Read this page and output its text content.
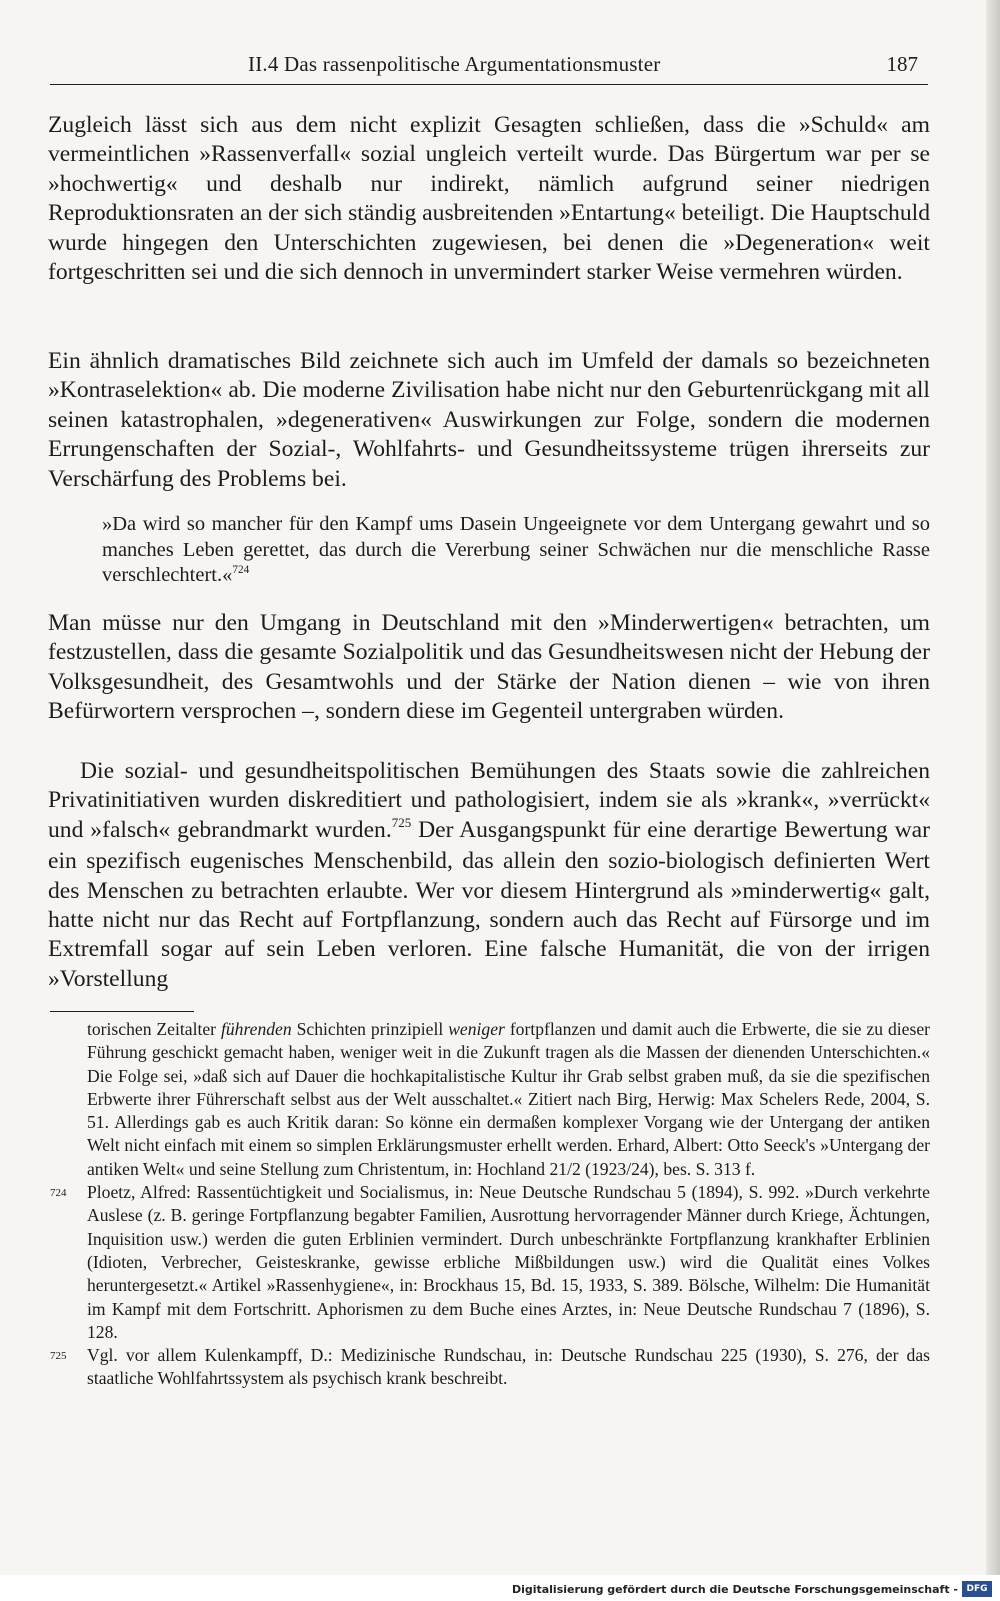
II.4 Das rassenpolitische Argumentationsmuster	187

Zugleich lässt sich aus dem nicht explizit Gesagten schließen, dass die »Schuld« am vermeintlichen »Rassenverfall« sozial ungleich verteilt wurde. Das Bürgertum war per se »hochwertig« und deshalb nur indirekt, nämlich aufgrund seiner niedrigen Reproduktionsraten an der sich ständig ausbreitenden »Entartung« beteiligt. Die Hauptschuld wurde hingegen den Unterschichten zugewiesen, bei denen die »Degeneration« weit fortgeschritten sei und die sich dennoch in unvermindert starker Weise vermehren würden.

Ein ähnlich dramatisches Bild zeichnete sich auch im Umfeld der damals so bezeichneten »Kontraselektion« ab. Die moderne Zivilisation habe nicht nur den Geburtenrückgang mit all seinen katastrophalen, »degenerativen« Auswirkungen zur Folge, sondern die modernen Errungenschaften der Sozial-, Wohlfahrts- und Gesundheitssysteme trügen ihrerseits zur Verschärfung des Problems bei.

»Da wird so mancher für den Kampf ums Dasein Ungeeignete vor dem Untergang gewahrt und so manches Leben gerettet, das durch die Vererbung seiner Schwächen nur die menschliche Rasse verschlechtert.«$^{724}$

Man müsse nur den Umgang in Deutschland mit den »Minderwertigen« betrachten, um festzustellen, dass die gesamte Sozialpolitik und das Gesundheitswesen nicht der Hebung der Volksgesundheit, des Gesamtwohls und der Stärke der Nation dienen – wie von ihren Befürwortern versprochen –, sondern diese im Gegenteil untergraben würden.

Die sozial- und gesundheitspolitischen Bemühungen des Staats sowie die zahlreichen Privatinitiativen wurden diskreditiert und pathologisiert, indem sie als »krank«, »verrückt« und »falsch« gebrandmarkt wurden.$^{725}$ Der Ausgangspunkt für eine derartige Bewertung war ein spezifisch eugenisches Menschenbild, das allein den sozio-biologisch definierten Wert des Menschen zu betrachten erlaubte. Wer vor diesem Hintergrund als »minderwertig« galt, hatte nicht nur das Recht auf Fortpflanzung, sondern auch das Recht auf Fürsorge und im Extremfall sogar auf sein Leben verloren. Eine falsche Humanität, die von der irrigen »Vorstellung
torischen Zeitalter führenden Schichten prinzipiell weniger fortpflanzen und damit auch die Erbwerte, die sie zu dieser Führung geschickt gemacht haben, weniger weit in die Zukunft tragen als die Massen der dienenden Unterschichten.« Die Folge sei, »daß sich auf Dauer die hochkapitalistische Kultur ihr Grab selbst graben muß, da sie die spezifischen Erbwerte ihrer Führerschaft selbst aus der Welt ausschaltet.« Zitiert nach Birg, Herwig: Max Schelers Rede, 2004, S. 51. Allerdings gab es auch Kritik daran: So könne ein dermaßen komplexer Vorgang wie der Untergang der antiken Welt nicht einfach mit einem so simplen Erklärungsmuster erhellt werden. Erhard, Albert: Otto Seeck's »Untergang der antiken Welt« und seine Stellung zum Christentum, in: Hochland 21/2 (1923/24), bes. S. 313 f.
724	Ploetz, Alfred: Rassentüchtigkeit und Socialismus, in: Neue Deutsche Rundschau 5 (1894), S. 992. »Durch verkehrte Auslese (z. B. geringe Fortpflanzung begabter Familien, Ausrottung hervorragender Männer durch Kriege, Ächtungen, Inquisition usw.) werden die guten Erblinien vermindert. Durch unbeschränkte Fortpflanzung krankhafter Erblinien (Idioten, Verbrecher, Geisteskranke, gewisse erbliche Mißbildungen usw.) wird die Qualität eines Volkes heruntergesetzt.« Artikel »Rassenhygiene«, in: Brockhaus 15, Bd. 15, 1933, S. 389. Bölsche, Wilhelm: Die Humanität im Kampf mit dem Fortschritt. Aphorismen zu dem Buche eines Arztes, in: Neue Deutsche Rundschau 7 (1896), S. 128.
725	Vgl. vor allem Kulenkampff, D.: Medizinische Rundschau, in: Deutsche Rundschau 225 (1930), S. 276, der das staatliche Wohlfahrtssystem als psychisch krank beschreibt.
Digitalisierung gefördert durch die Deutsche Forschungsgemeinschaft - DFG
